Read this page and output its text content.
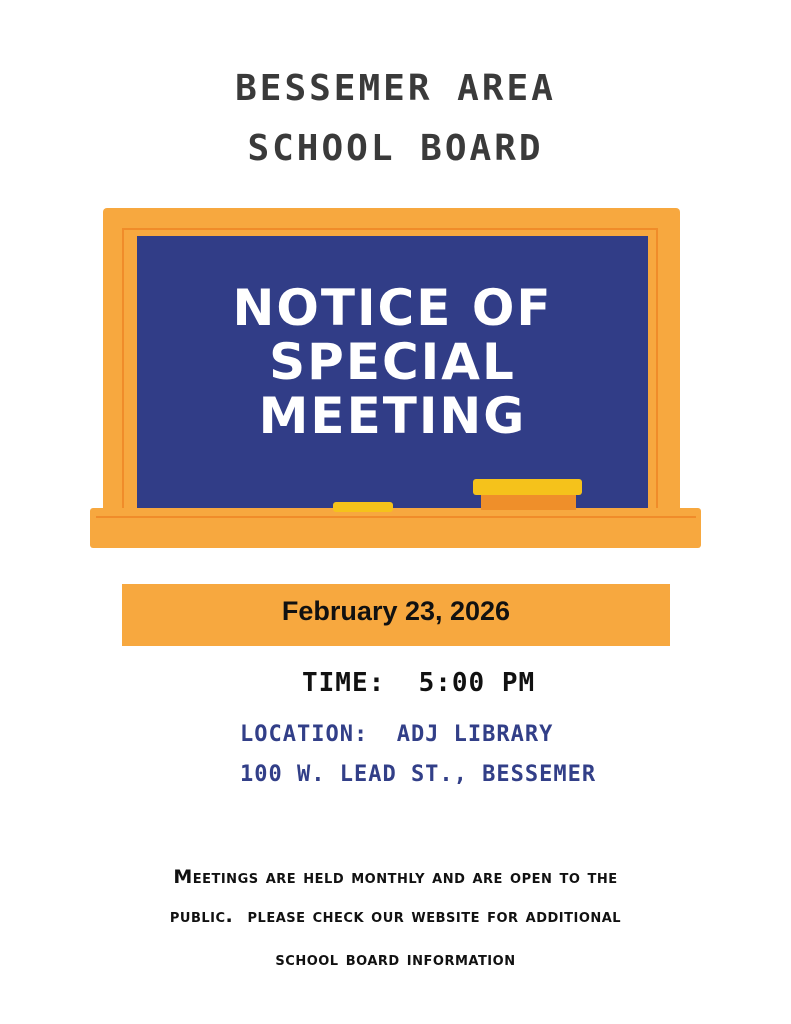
BESSEMER AREA
SCHOOL BOARD
NOTICE OF
SPECIAL
MEETING
February 23, 2026
TIME:  5:00 PM
LOCATION:  ADJ LIBRARY
100 W. LEAD ST., BESSEMER
Meetings are held monthly and are open to the
public.  please check our website for additional
school board information
